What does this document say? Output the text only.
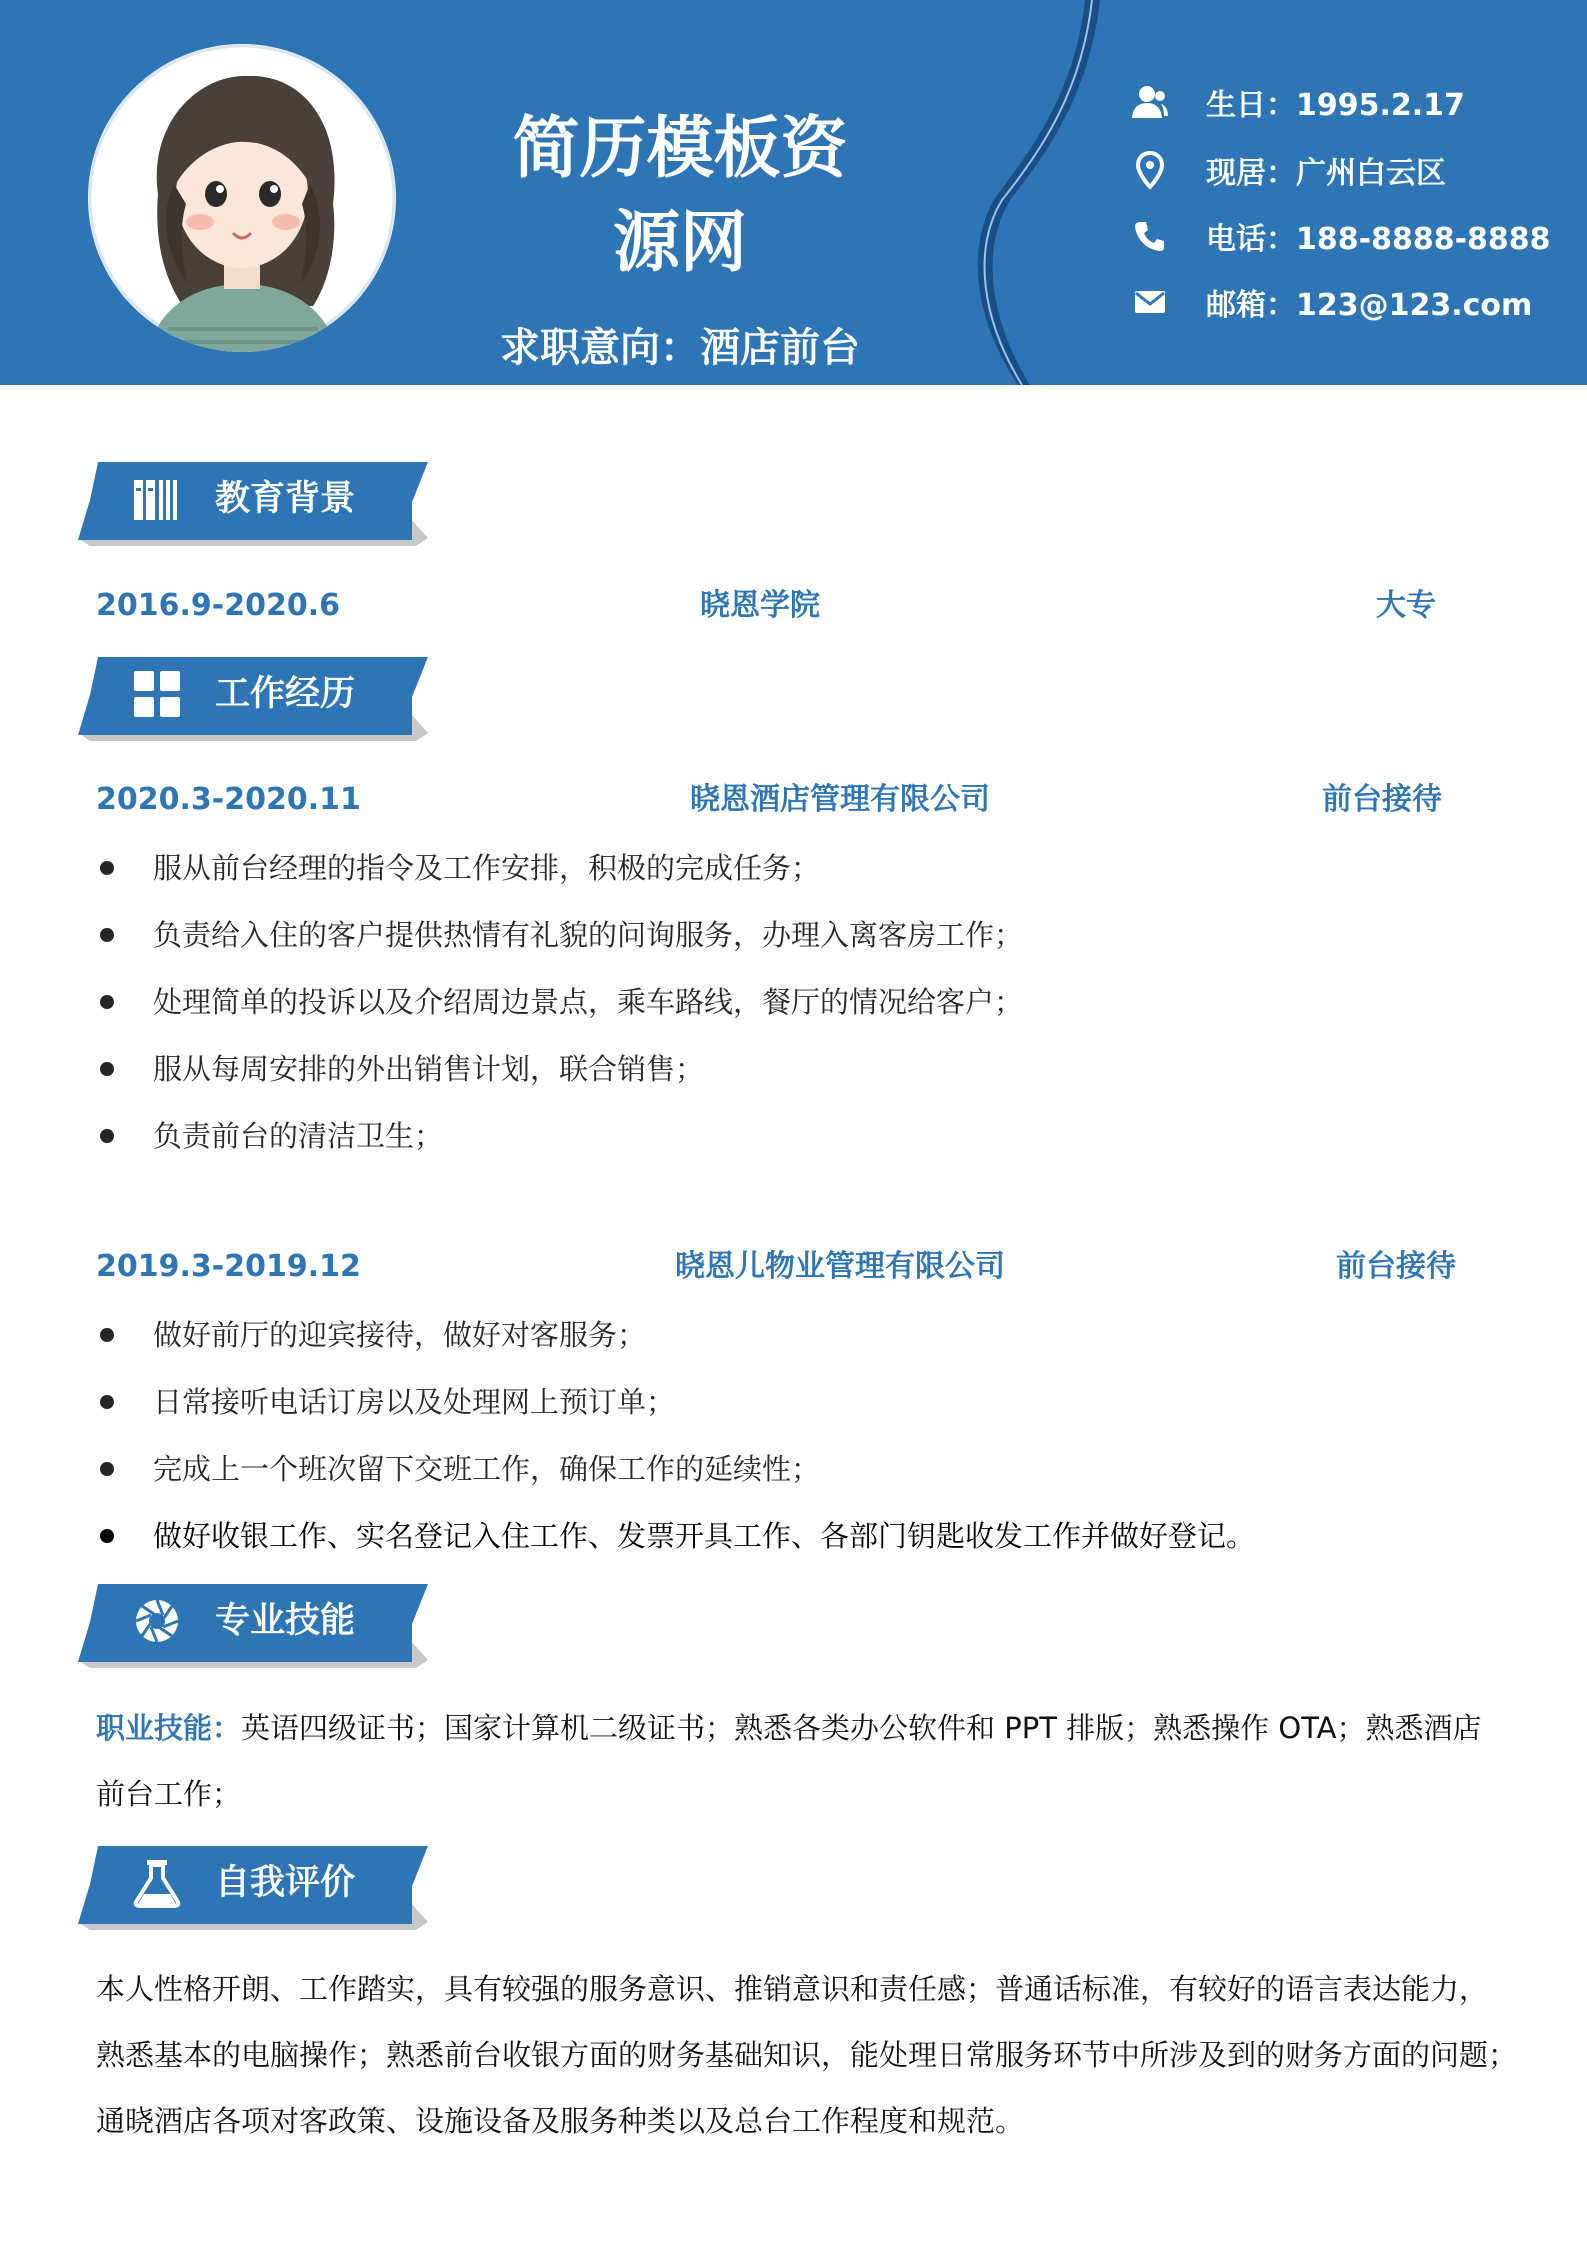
简历模板资
源网
求职意向：酒店前台
生日：1995.2.17
现居：广州白云区
电话：188-8888-8888
邮箱：123@123.com
教育背景
2016.9-2020.6	晓恩学院	大专
工作经历
2020.3-2020.11	晓恩酒店管理有限公司	前台接待
服从前台经理的指令及工作安排，积极的完成任务；
负责给入住的客户提供热情有礼貌的问询服务，办理入离客房工作；
处理简单的投诉以及介绍周边景点，乘车路线，餐厅的情况给客户；
服从每周安排的外出销售计划，联合销售；
负责前台的清洁卫生；
2019.3-2019.12	晓恩儿物业管理有限公司	前台接待
做好前厅的迎宾接待，做好对客服务；
日常接听电话订房以及处理网上预订单；
完成上一个班次留下交班工作，确保工作的延续性；
做好收银工作、实名登记入住工作、发票开具工作、各部门钥匙收发工作并做好登记。
专业技能
职业技能：英语四级证书；国家计算机二级证书；熟悉各类办公软件和 PPT 排版；熟悉操作 OTA；熟悉酒店
前台工作；
自我评价
本人性格开朗、工作踏实，具有较强的服务意识、推销意识和责任感；普通话标准，有较好的语言表达能力，
熟悉基本的电脑操作；熟悉前台收银方面的财务基础知识，能处理日常服务环节中所涉及到的财务方面的问题；
通晓酒店各项对客政策、设施设备及服务种类以及总台工作程度和规范。
